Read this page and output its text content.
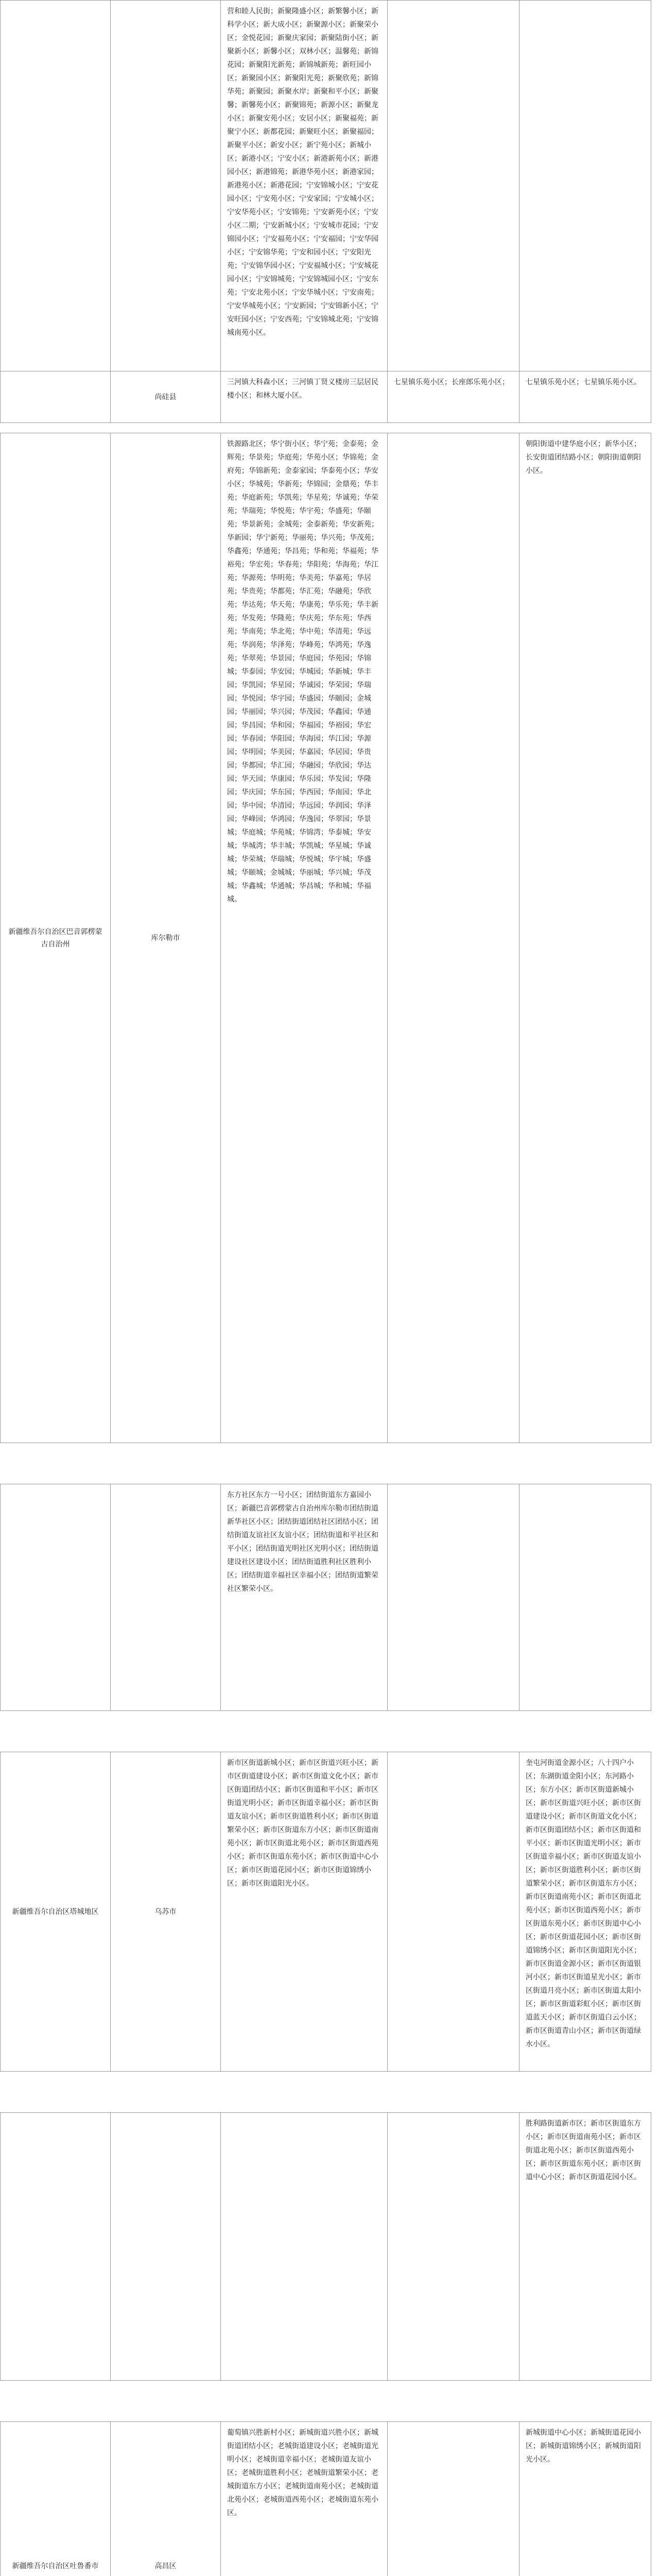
		营和睦人民街；新聚隆盛小区；新繁馨小区；新科学小区；新大成小区；新聚源小区；新聚荣小区；金悦花园；新聚庆家园；新聚陆街小区；新聚新小区；新馨小区；双林小区；温馨苑；新锦花园；新聚阳光新苑；新锦城新苑；新旺园小区；新聚园小区；新聚阳光苑；新聚欣苑；新锦华苑；新聚园；新聚水岸；新聚和平小区；新聚馨；新馨苑小区；新聚锦苑；新源小区；新聚龙小区；新聚安苑小区；安居小区；新聚福苑；新聚宁小区；新都花园；新聚旺小区；新聚福园；新聚平小区；新安小区；新宁苑小区；新城小区；新港小区；宁安小区；新港新苑小区；新港园小区；新港锦苑；新港华苑小区；新港家园；新港苑小区；新港花园；宁安锦城小区；宁安花园小区；宁安苑小区；宁安家园；宁安城小区；宁安华苑小区；宁安锦苑；宁安新苑小区；宁安小区二期；宁安新城小区；宁安城市花园；宁安锦园小区；宁安福苑小区；宁安福园；宁安华园小区；宁安锦华苑；宁安和园小区；宁安阳光苑；宁安锦华园小区；宁安福城小区；宁安城花园小区；宁安锦城苑；宁安锦城园小区；宁安东苑；宁安北苑小区；宁安华城小区；宁安南苑；宁安华城苑小区；宁安新园；宁安锦新小区；宁安旺园小区；宁安西苑；宁安锦城北苑；宁安锦城南苑小区。		
	尚硅县	三河镇大科森小区；三河镇丁贤义楼房三层居民楼小区；和林大厦小区。	七星镇乐苑小区；长座郎乐苑小区；	七星镇乐苑小区；七星镇乐苑小区。
新疆维吾尔自治区巴音郭楞蒙古自治州	库尔勒市	铁源路北区；华宁街小区；华宁苑；金泰苑；金辉苑；华景苑；华庭苑；华苑小区；华锦苑；金府苑；华锦新苑；金泰家园；华泰苑小区；华安小区；华城苑；华新苑；华锦园；金鼎苑；华丰苑；华庭新苑；华凯苑；华星苑；华诚苑；华荣苑；华瑞苑；华悦苑；华宇苑；华盛苑；华颐苑；华景新苑；金城苑；金泰新苑；华安新苑；华新园；华宁新苑；华丽苑；华兴苑；华茂苑；华鑫苑；华通苑；华昌苑；华和苑；华福苑；华裕苑；华宏苑；华春苑；华阳苑；华海苑；华江苑；华源苑；华明苑；华美苑；华嘉苑；华居苑；华贵苑；华都苑；华汇苑；华融苑；华欣苑；华达苑；华天苑；华康苑；华乐苑；华丰新苑；华发苑；华隆苑；华庆苑；华东苑；华西苑；华南苑；华北苑；华中苑；华清苑；华远苑；华润苑；华泽苑；华峰苑；华鸿苑；华逸苑；华翠苑；华景园；华庭园；华苑园；华锦城；华泰园；华安园；华城园；华新城；华丰园；华凯园；华星园；华诚园；华荣园；华瑞园；华悦园；华宇园；华盛园；华颐园；金城园；华丽园；华兴园；华茂园；华鑫园；华通园；华昌园；华和园；华福园；华裕园；华宏园；华春园；华阳园；华海园；华江园；华源园；华明园；华美园；华嘉园；华居园；华贵园；华都园；华汇园；华融园；华欣园；华达园；华天园；华康园；华乐园；华发园；华隆园；华庆园；华东园；华西园；华南园；华北园；华中园；华清园；华远园；华润园；华泽园；华峰园；华鸿园；华逸园；华翠园；华景城；华庭城；华苑城；华锦湾；华泰城；华安城；华城湾；华丰城；华凯城；华星城；华诚城；华荣城；华瑞城；华悦城；华宇城；华盛城；华颐城；金城城；华丽城；华兴城；华茂城；华鑫城；华通城；华昌城；华和城；华福城。		朝阳街道中建华庭小区；新华小区；长安街道团结路小区；朝阳街道朝阳小区。
		东方社区东方一号小区；团结街道东方嘉园小区；新疆巴音郭楞蒙古自治州库尔勒市团结街道新华社区小区；团结街道团结社区团结小区；团结街道友谊社区友谊小区；团结街道和平社区和平小区；团结街道光明社区光明小区；团结街道建设社区建设小区；团结街道胜利社区胜利小区；团结街道幸福社区幸福小区；团结街道繁荣社区繁荣小区。		
新疆维吾尔自治区塔城地区	乌苏市	新市区街道新城小区；新市区街道兴旺小区；新市区街道建设小区；新市区街道文化小区；新市区街道团结小区；新市区街道和平小区；新市区街道光明小区；新市区街道幸福小区；新市区街道友谊小区；新市区街道胜利小区；新市区街道繁荣小区；新市区街道东方小区；新市区街道南苑小区；新市区街道北苑小区；新市区街道西苑小区；新市区街道东苑小区；新市区街道中心小区；新市区街道花园小区；新市区街道锦绣小区；新市区街道阳光小区。		奎屯河街道金源小区；八十四户小区；东湖街道金阳小区；东河路小区；东方小区；新市区街道新城小区；新市区街道兴旺小区；新市区街道建设小区；新市区街道文化小区；新市区街道团结小区；新市区街道和平小区；新市区街道光明小区；新市区街道幸福小区；新市区街道友谊小区；新市区街道胜利小区；新市区街道繁荣小区；新市区街道东方小区；新市区街道南苑小区；新市区街道北苑小区；新市区街道西苑小区；新市区街道东苑小区；新市区街道中心小区；新市区街道花园小区；新市区街道锦绣小区；新市区街道阳光小区；新市区街道金源小区；新市区街道银河小区；新市区街道星光小区；新市区街道月亮小区；新市区街道太阳小区；新市区街道彩虹小区；新市区街道蓝天小区；新市区街道白云小区；新市区街道青山小区；新市区街道绿水小区。
				胜利路街道新市区；新市区街道东方小区；新市区街道南苑小区；新市区街道北苑小区；新市区街道西苑小区；新市区街道东苑小区；新市区街道中心小区；新市区街道花园小区。
新疆维吾尔自治区吐鲁番市	高昌区	葡萄镇兴胜新村小区；新城街道兴胜小区；新城街道团结小区；老城街道建设小区；老城街道光明小区；老城街道幸福小区；老城街道友谊小区；老城街道胜利小区；老城街道繁荣小区；老城街道东方小区；老城街道南苑小区；老城街道北苑小区；老城街道西苑小区；老城街道东苑小区。		新城街道中心小区；新城街道花园小区；新城街道锦绣小区；新城街道阳光小区。
